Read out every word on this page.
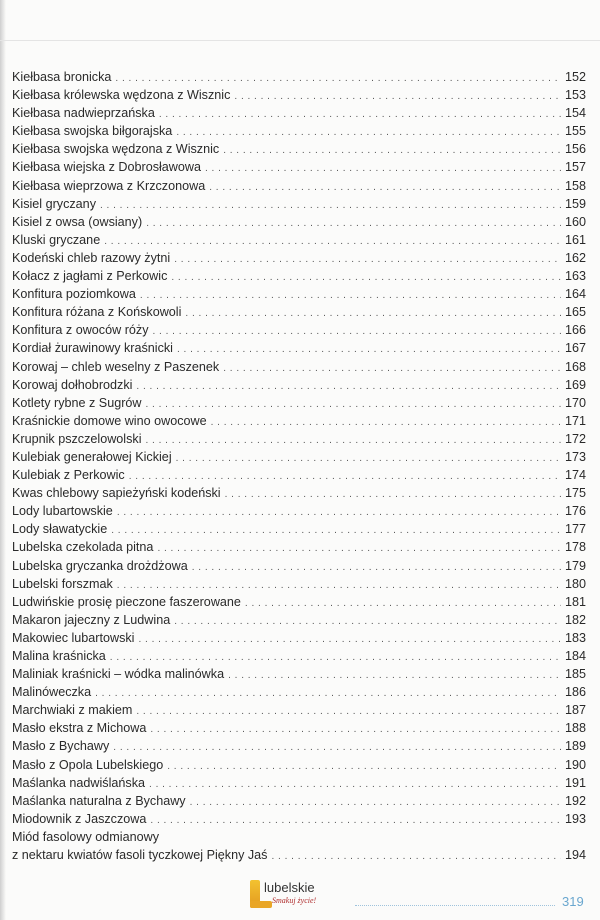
Kiełbasa bronicka . . .	152
Kiełbasa królewska wędzona z Wisznic . . .	153
Kiełbasa nadwieprzańska . . .	154
Kiełbasa swojska biłgorajska . . .	155
Kiełbasa swojska wędzona z Wisznic . . .	156
Kiełbasa wiejska z Dobrosławowa . . .	157
Kiełbasa wieprzowa z Krzczonowa . . .	158
Kisiel gryczany . . .	159
Kisiel z owsa (owsiany) . . .	160
Kluski gryczane . . .	161
Kodeński chleb razowy żytni . . .	162
Kołacz z jagłami z Perkowic . . .	163
Konfitura poziomkowa . . .	164
Konfitura różana z Końskowoli . . .	165
Konfitura z owoców róży . . .	166
Kordiał żurawinowy kraśnicki . . .	167
Korowaj – chleb weselny z Paszenek . . .	168
Korowaj dołhobrodzki . . .	169
Kotlety rybne z Sugrów . . .	170
Kraśnickie domowe wino owocowe . . .	171
Krupnik pszczelowolski . . .	172
Kulebiak generałowej Kickiej . . .	173
Kulebiak z Perkowic . . .	174
Kwas chlebowy sapieżyński kodeński . . .	175
Lody lubartowskie . . .	176
Lody sławatyckie . . .	177
Lubelska czekolada pitna . . .	178
Lubelska gryczanka drożdżowa . . .	179
Lubelski forszmak . . .	180
Ludwińskie prosię pieczone faszerowane . . .	181
Makaron jajeczny z Ludwina . . .	182
Makowiec lubartowski . . .	183
Malina kraśnicka . . .	184
Maliniak kraśnicki – wódka malinówka . . .	185
Malinóweczka . . .	186
Marchwiaki z makiem . . .	187
Masło ekstra z Michowa . . .	188
Masło z Bychawy . . .	189
Masło z Opola Lubelskiego . . .	190
Maślanka nadwiślańska . . .	191
Maślanka naturalna z Bychawy . . .	192
Miodownik z Jaszczowa . . .	193
Miód fasolowy odmianowy
z nektaru kwiatów fasoli tyczkowej Piękny Jaś . . .	194
lubelskie
Smakuj życie!	319
